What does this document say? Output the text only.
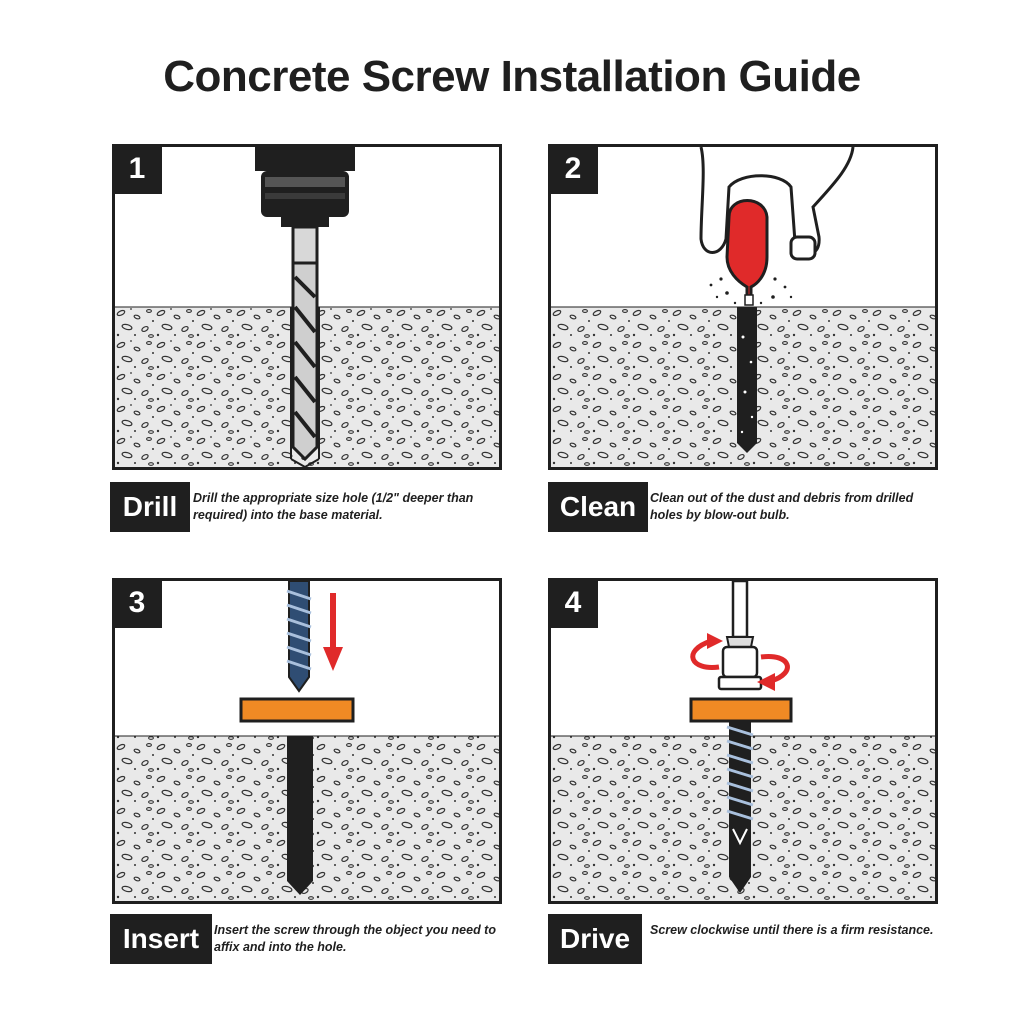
Concrete Screw Installation Guide
1
Drill	Drill the appropriate size hole (1/2" deeper than required) into the base material.
2
Clean	Clean out of the dust and debris from drilled holes by blow-out bulb.
3
Insert	Insert the screw through the object you need to affix and into the hole.
4
Drive	Screw clockwise until there is a firm resistance.
